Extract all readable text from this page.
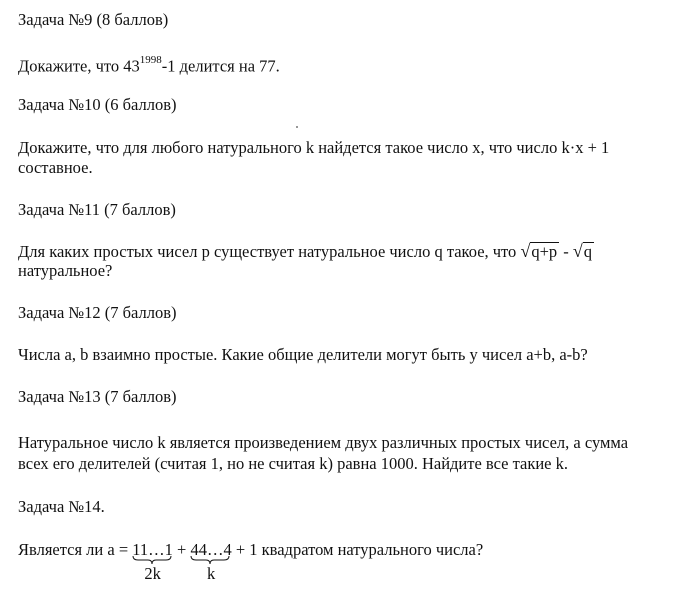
Задача №9 (8 баллов)
Докажите, что $43^{1998}-1$ делится на 77.
Задача №10 (6 баллов)
Докажите, что для любого натурального k найдется такое число x, что число k·x + 1
составное.
Задача №11 (7 баллов)
Для каких простых чисел p существует натуральное число q такое, что √q+p - √q
натуральное?
Задача №12 (7 баллов)
Числа a, b взаимно простые. Какие общие делители могут быть у чисел a+b, a-b?
Задача №13 (7 баллов)
Натуральное число k является произведением двух различных простых чисел, а сумма
всех его делителей (считая 1, но не считая k) равна 1000. Найдите все такие k.
Задача №14.
Является ли a = 11…1
2k
+ 44…4
k
+ 1 квадратом натурального числа?
